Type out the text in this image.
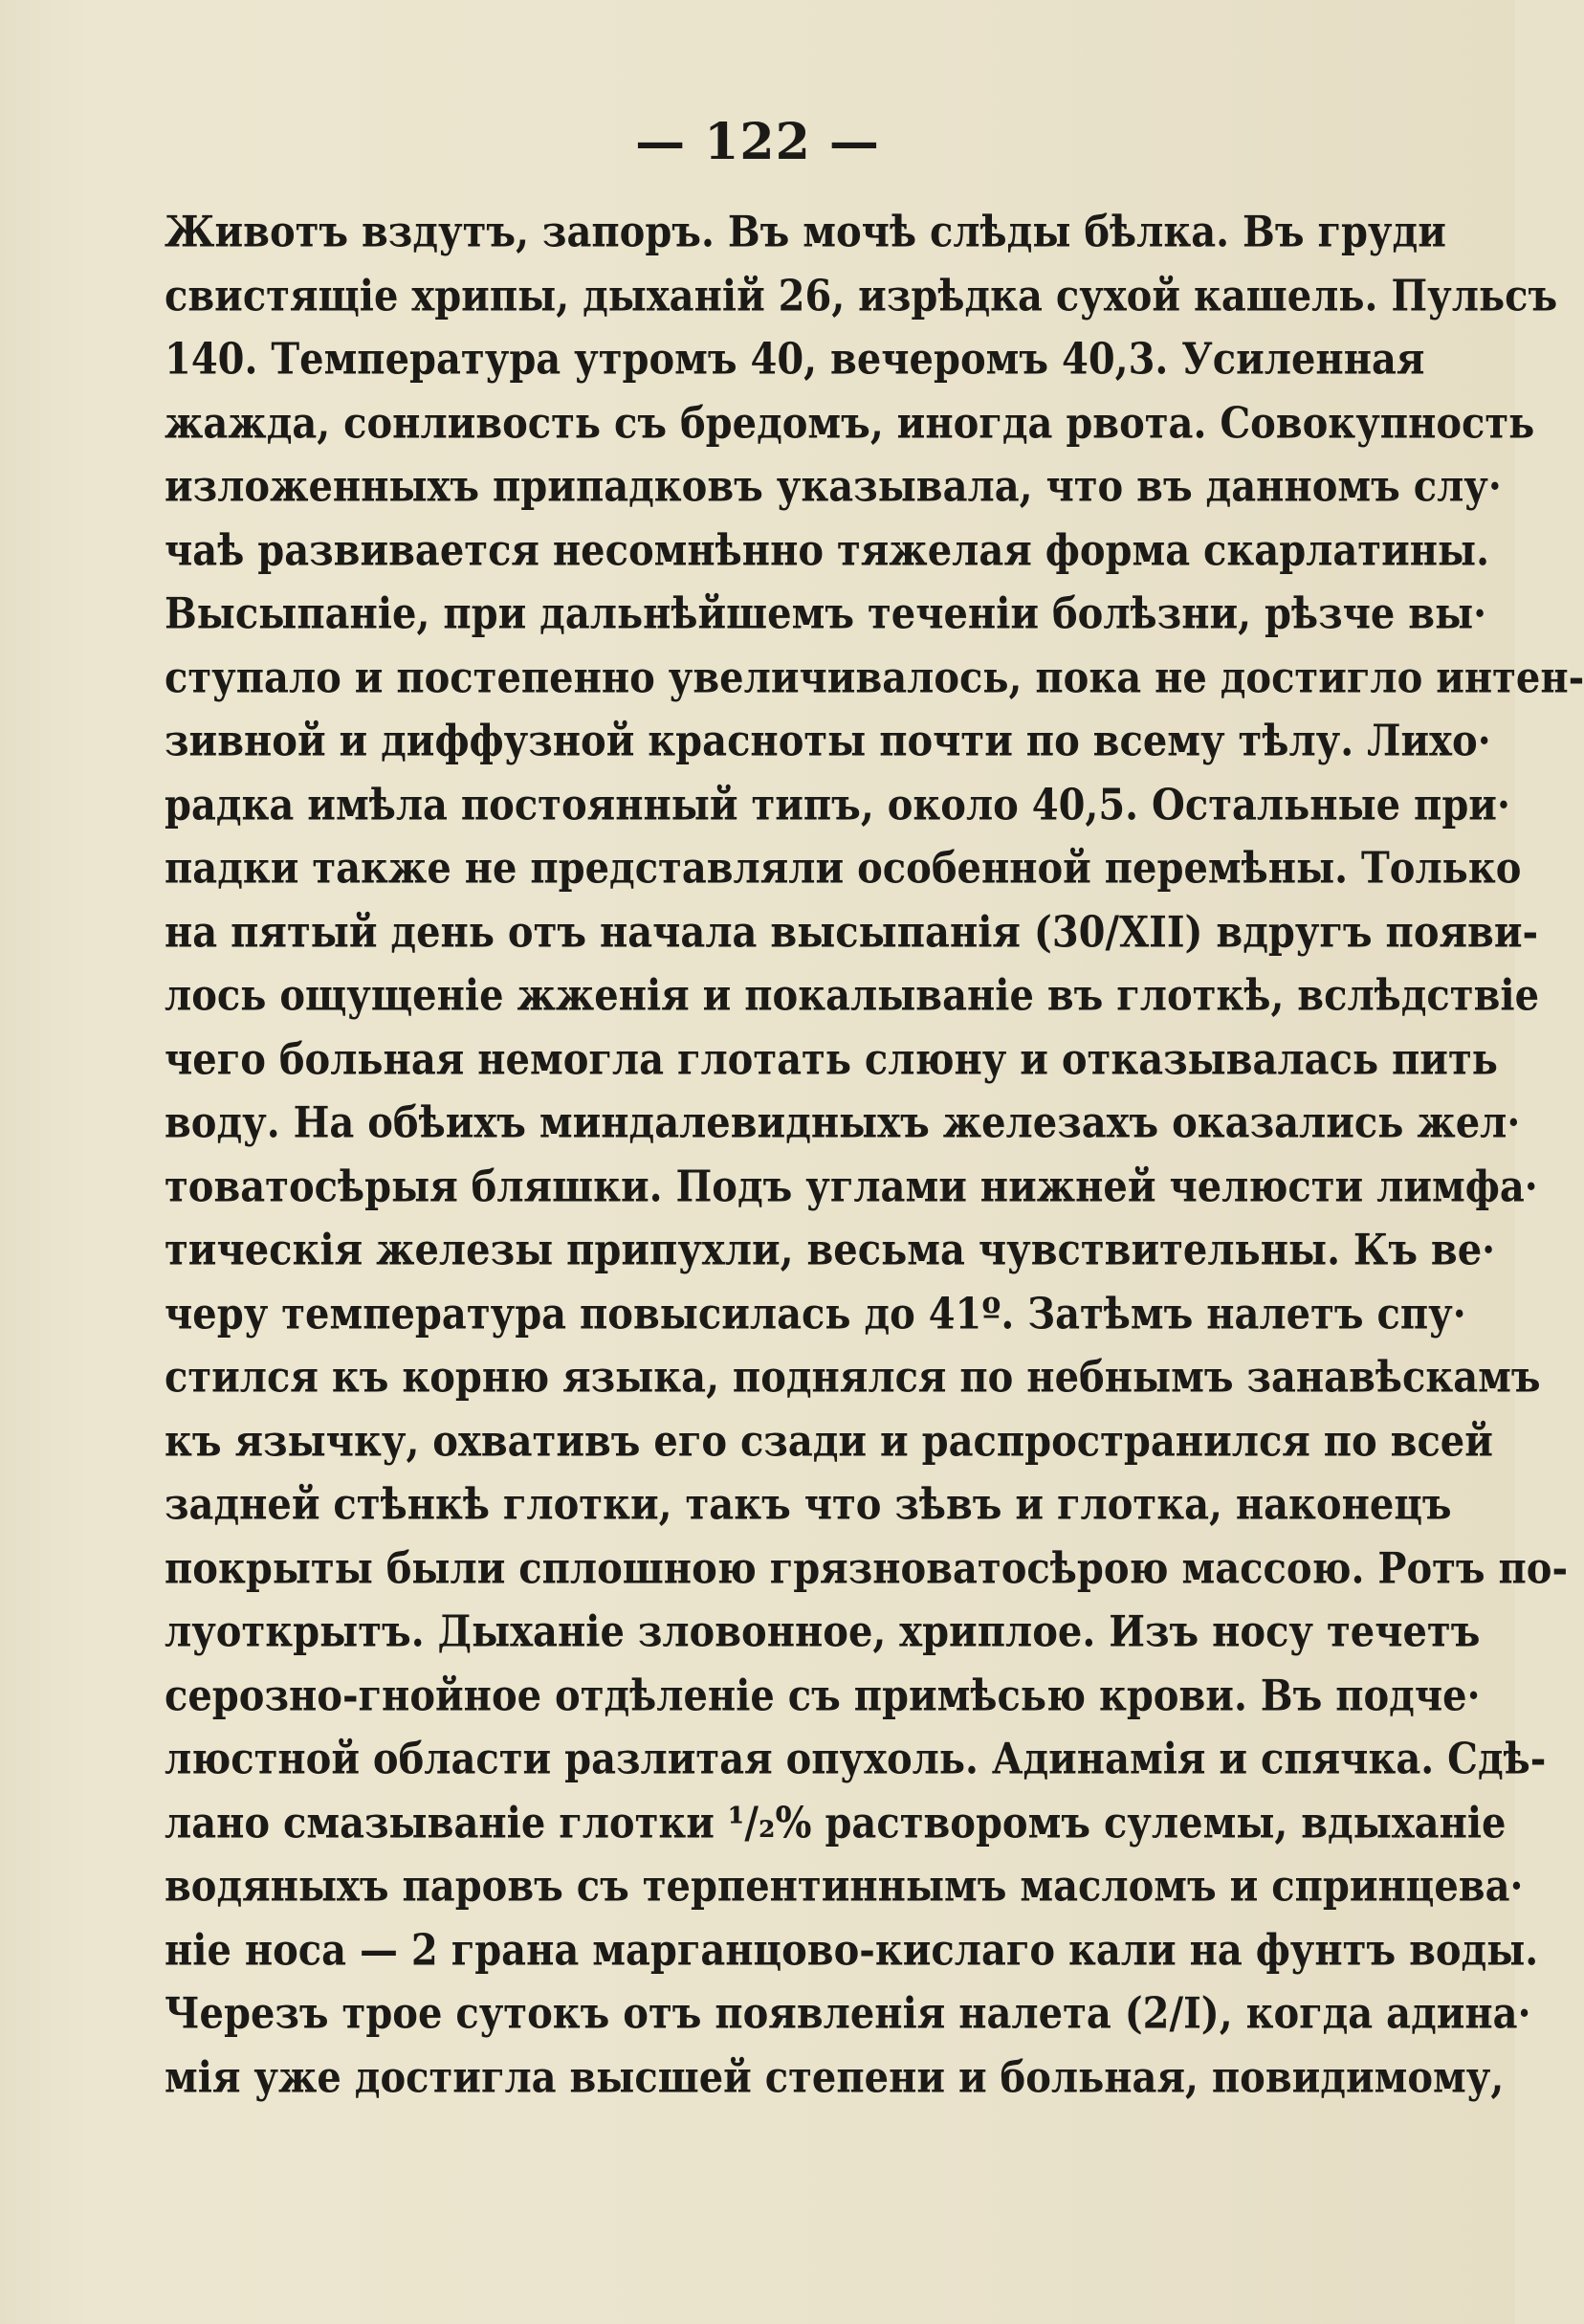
— 122 —
Животъ вздутъ, запоръ. Въ мочѣ слѣды бѣлка. Въ груди
свистящіе хрипы, дыханій 26, изрѣдка сухой кашель. Пульсъ
140. Температура утромъ 40, вечеромъ 40,3. Усиленная
жажда, сонливость съ бредомъ, иногда рвота. Совокупность
изложенныхъ припадковъ указывала, что въ данномъ слу·
чаѣ развивается несомнѣнно тяжелая форма скарлатины.
Высыпаніе, при дальнѣйшемъ теченіи болѣзни, рѣзче вы·
ступало и постепенно увеличивалось, пока не достигло интен-
зивной и диффузной красноты почти по всему тѣлу. Лихо·
радка имѣла постоянный типъ, около 40,5. Остальные при·
падки также не представляли особенной перемѣны. Только
на пятый день отъ начала высыпанія (30/XII) вдругъ появи-
лось ощущеніе жженія и покалываніе въ глоткѣ, вслѣдствіе
чего больная немогла глотать слюну и отказывалась пить
воду. На обѣихъ миндалевидныхъ железахъ оказались жел·
товатосѣрыя бляшки. Подъ углами нижней челюсти лимфа·
тическія железы припухли, весьма чувствительны. Къ ве·
черу температура повысилась до 41º. Затѣмъ налетъ спу·
стился къ корню языка, поднялся по небнымъ занавѣскамъ
къ язычку, охвативъ его сзади и распространился по всей
задней стѣнкѣ глотки, такъ что зѣвъ и глотка, наконецъ
покрыты были сплошною грязноватосѣрою массою. Ротъ по-
луоткрытъ. Дыханіе зловонное, хриплое. Изъ носу течетъ
серозно-гнойное отдѣленіе съ примѣсью крови. Въ подче·
люстной области разлитая опухоль. Адинамія и спячка. Сдѣ-
лано смазываніе глотки ¹/₂% растворомъ сулемы, вдыханіе
водяныхъ паровъ съ терпентиннымъ масломъ и спринцева·
ніе носа — 2 грана марганцово-кислаго кали на фунтъ воды.
Черезъ трое сутокъ отъ появленія налета (2/I), когда адина·
мія уже достигла высшей степени и больная, повидимому,
